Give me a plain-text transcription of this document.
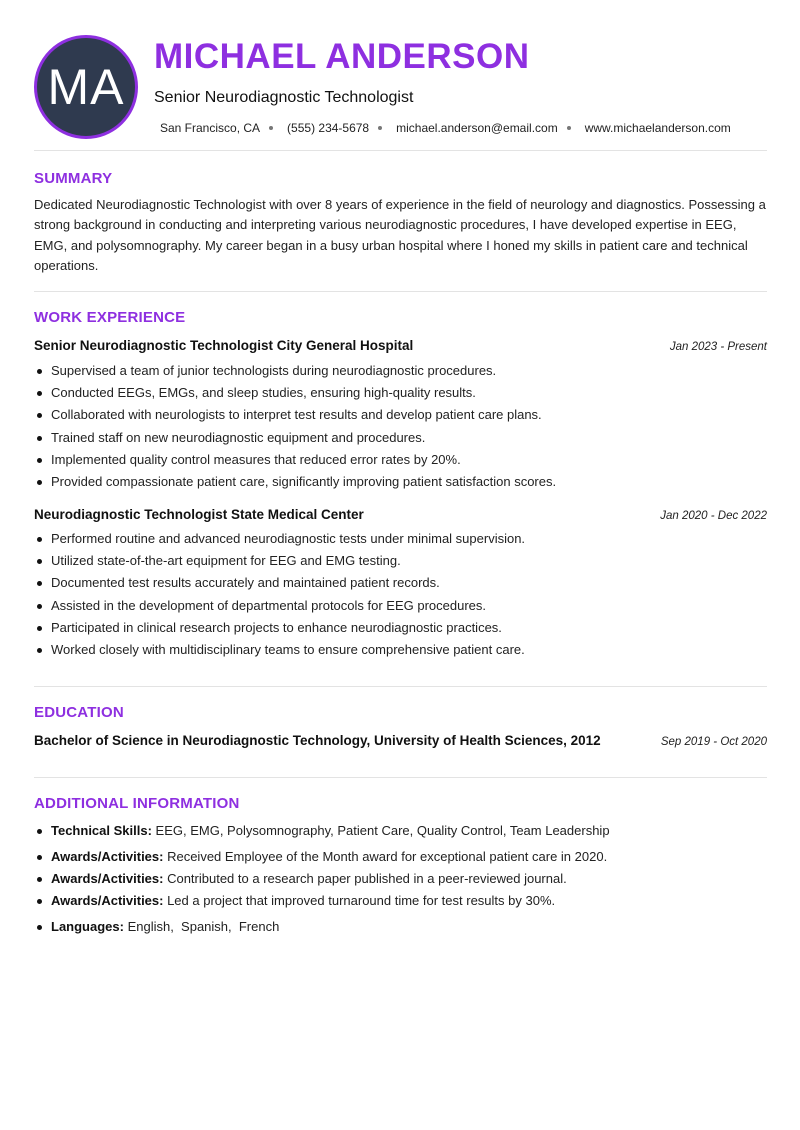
MA
MICHAEL ANDERSON
Senior Neurodiagnostic Technologist
San Francisco, CA (555) 234-5678 michael.anderson@email.com www.michaelanderson.com
SUMMARY

Dedicated Neurodiagnostic Technologist with over 8 years of experience in the field of neurology and diagnostics. Possessing a strong background in conducting and interpreting various neurodiagnostic procedures, I have developed expertise in EEG, EMG, and polysomnography. My career began in a busy urban hospital where I honed my skills in patient care and technical operations.

WORK EXPERIENCE
Senior Neurodiagnostic Technologist City General Hospital	Jan 2023 - Present
Supervised a team of junior technologists during neurodiagnostic procedures.
Conducted EEGs, EMGs, and sleep studies, ensuring high-quality results.
Collaborated with neurologists to interpret test results and develop patient care plans.
Trained staff on new neurodiagnostic equipment and procedures.
Implemented quality control measures that reduced error rates by 20%.
Provided compassionate patient care, significantly improving patient satisfaction scores.
Neurodiagnostic Technologist State Medical Center	Jan 2020 - Dec 2022
Performed routine and advanced neurodiagnostic tests under minimal supervision.
Utilized state-of-the-art equipment for EEG and EMG testing.
Documented test results accurately and maintained patient records.
Assisted in the development of departmental protocols for EEG procedures.
Participated in clinical research projects to enhance neurodiagnostic practices.
Worked closely with multidisciplinary teams to ensure comprehensive patient care.
EDUCATION
Bachelor of Science in Neurodiagnostic Technology, University of Health Sciences, 2012	Sep 2019 - Oct 2020
ADDITIONAL INFORMATION
Technical Skills: EEG, EMG, Polysomnography, Patient Care, Quality Control, Team Leadership
Awards/Activities: Received Employee of the Month award for exceptional patient care in 2020.
Awards/Activities: Contributed to a research paper published in a peer-reviewed journal.
Awards/Activities: Led a project that improved turnaround time for test results by 30%.
Languages: English,  Spanish,  French
